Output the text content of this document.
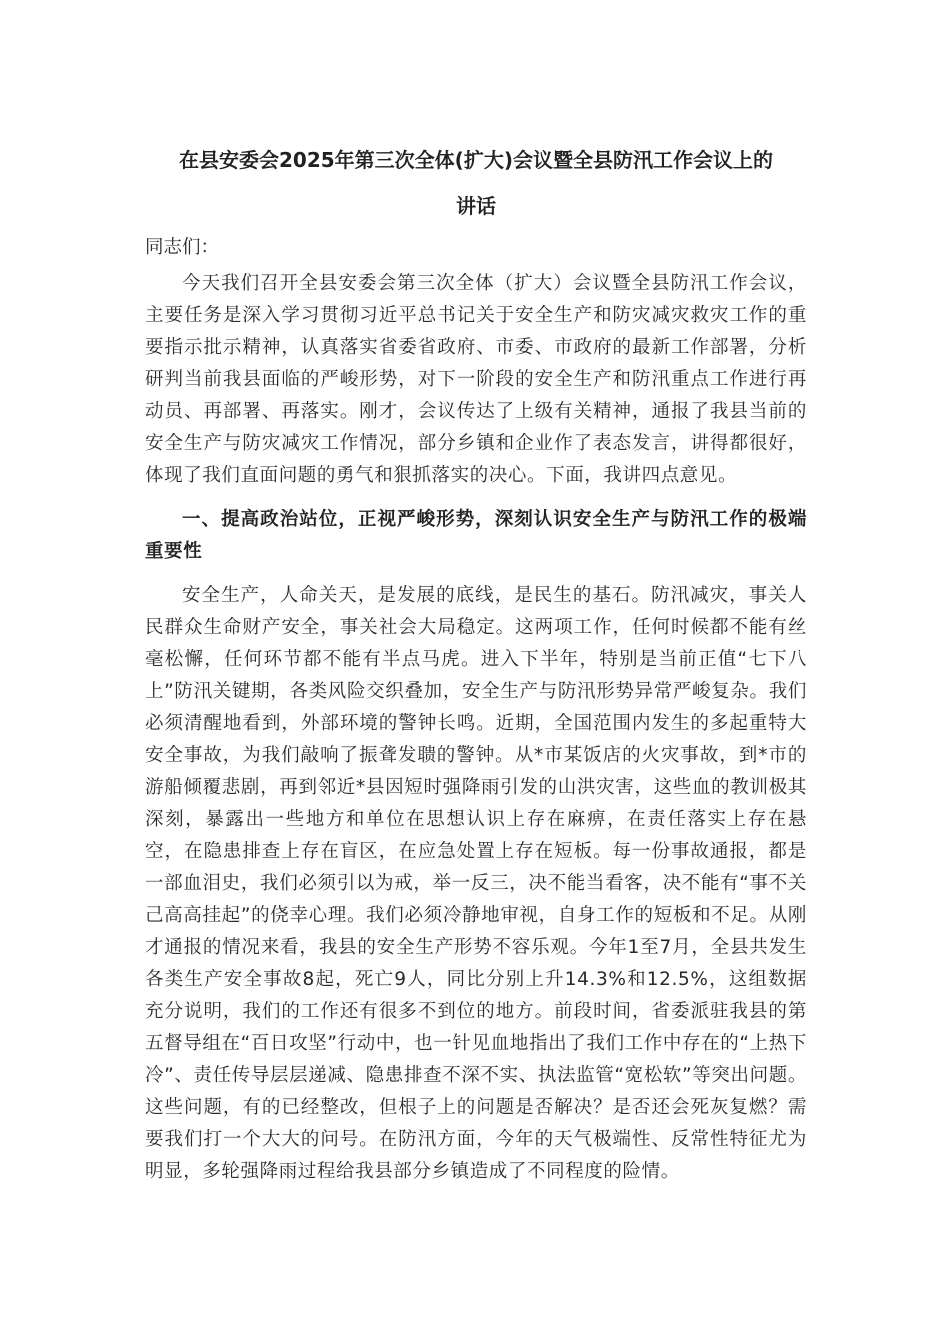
在县安委会2025年第三次全体(扩大)会议暨全县防汛工作会议上的
讲话

同志们：

今天我们召开全县安委会第三次全体（扩大）会议暨全县防汛工作会议，主要任务是深入学习贯彻习近平总书记关于安全生产和防灾减灾救灾工作的重要指示批示精神，认真落实省委省政府、市委、市政府的最新工作部署，分析研判当前我县面临的严峻形势，对下一阶段的安全生产和防汛重点工作进行再动员、再部署、再落实。刚才，会议传达了上级有关精神，通报了我县当前的安全生产与防灾减灾工作情况，部分乡镇和企业作了表态发言，讲得都很好，体现了我们直面问题的勇气和狠抓落实的决心。下面，我讲四点意见。

一、提高政治站位，正视严峻形势，深刻认识安全生产与防汛工作的极端重要性

安全生产，人命关天，是发展的底线，是民生的基石。防汛减灾，事关人民群众生命财产安全，事关社会大局稳定。这两项工作，任何时候都不能有丝毫松懈，任何环节都不能有半点马虎。进入下半年，特别是当前正值“七下八上”防汛关键期，各类风险交织叠加，安全生产与防汛形势异常严峻复杂。我们必须清醒地看到，外部环境的警钟长鸣。近期，全国范围内发生的多起重特大安全事故，为我们敲响了振聋发聩的警钟。从*市某饭店的火灾事故，到*市的游船倾覆悲剧，再到邻近*县因短时强降雨引发的山洪灾害，这些血的教训极其深刻，暴露出一些地方和单位在思想认识上存在麻痹，在责任落实上存在悬空，在隐患排查上存在盲区，在应急处置上存在短板。每一份事故通报，都是一部血泪史，我们必须引以为戒，举一反三，决不能当看客，决不能有“事不关己高高挂起”的侥幸心理。我们必须冷静地审视，自身工作的短板和不足。从刚才通报的情况来看，我县的安全生产形势不容乐观。今年1至7月，全县共发生各类生产安全事故8起，死亡9人，同比分别上升14.3%和12.5%，这组数据充分说明，我们的工作还有很多不到位的地方。前段时间，省委派驻我县的第五督导组在“百日攻坚”行动中，也一针见血地指出了我们工作中存在的“上热下冷”、责任传导层层递减、隐患排查不深不实、执法监管“宽松软”等突出问题。这些问题，有的已经整改，但根子上的问题是否解决？是否还会死灰复燃？需要我们打一个大大的问号。在防汛方面，今年的天气极端性、反常性特征尤为明显，多轮强降雨过程给我县部分乡镇造成了不同程度的险情。
